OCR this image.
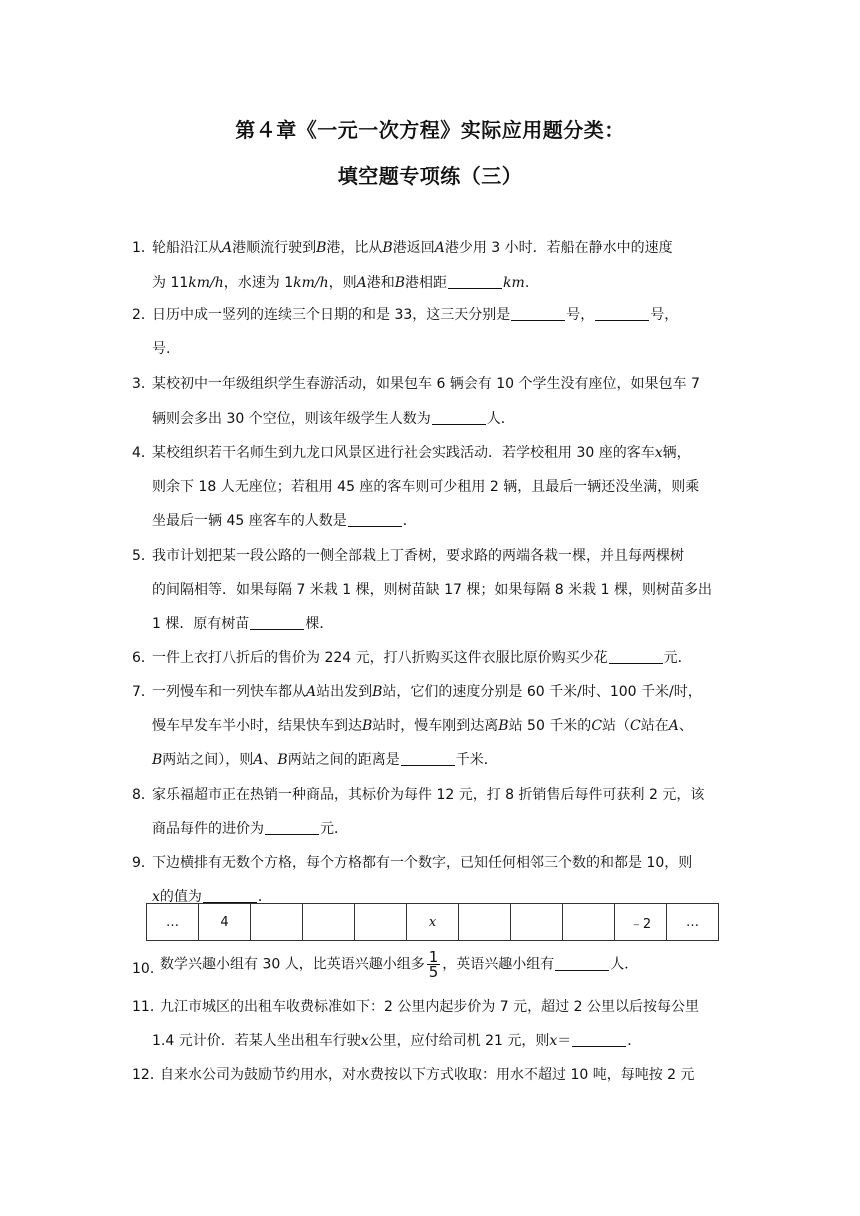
第４章《一元一次方程》实际应用题分类：
填空题专项练（三）
1．
轮船沿江从A港顺流行驶到B港，比从B港返回A港少用 3 小时．若船在静水中的速度
为 11km/h，水速为 1km/h，则A港和B港相距	km.
2．
日历中成一竖列的连续三个日期的和是 33，这三天分别是	号，	号，
号.
3．
某校初中一年级组织学生春游活动，如果包车 6 辆会有 10 个学生没有座位，如果包车 7
辆则会多出 30 个空位，则该年级学生人数为	人．
4．
某校组织若干名师生到九龙口风景区进行社会实践活动．若学校租用 30 座的客车x辆，
则余下 18 人无座位；若租用 45 座的客车则可少租用 2 辆，且最后一辆还没坐满，则乘
坐最后一辆 45 座客车的人数是	．
5．
我市计划把某一段公路的一侧全部栽上丁香树，要求路的两端各栽一棵，并且每两棵树
的间隔相等．如果每隔 7 米栽 1 棵，则树苗缺 17 棵；如果每隔 8 米栽 1 棵，则树苗多出
1 棵．原有树苗	棵．
6．
一件上衣打八折后的售价为 224 元，打八折购买这件衣服比原价购买少花	元．
7．
一列慢车和一列快车都从A站出发到B站，它们的速度分别是 60 千米/时、100 千米/时，
慢车早发车半小时，结果快车到达B站时，慢车刚到达离B站 50 千米的C站（C站在A、
B两站之间），则A、B两站之间的距离是	千米．
8．
家乐福超市正在热销一种商品，其标价为每件 12 元，打 8 折销售后每件可获利 2 元，该
商品每件的进价为	元．
9．
下边横排有无数个方格，每个方格都有一个数字，已知任何相邻三个数的和都是 10，则
x的值为	．
…	4				x				﹣2	…
10．
数学兴趣小组有 30 人，比英语兴趣小组多 $\frac{1}{5}$ ，英语兴趣小组有	人．
11．
九江市城区的出租车收费标准如下：2 公里内起步价为 7 元，超过 2 公里以后按每公里
1.4 元计价．若某人坐出租车行驶x公里，应付给司机 21 元，则x＝	．
12．
自来水公司为鼓励节约用水，对水费按以下方式收取：用水不超过 10 吨，每吨按 2 元
